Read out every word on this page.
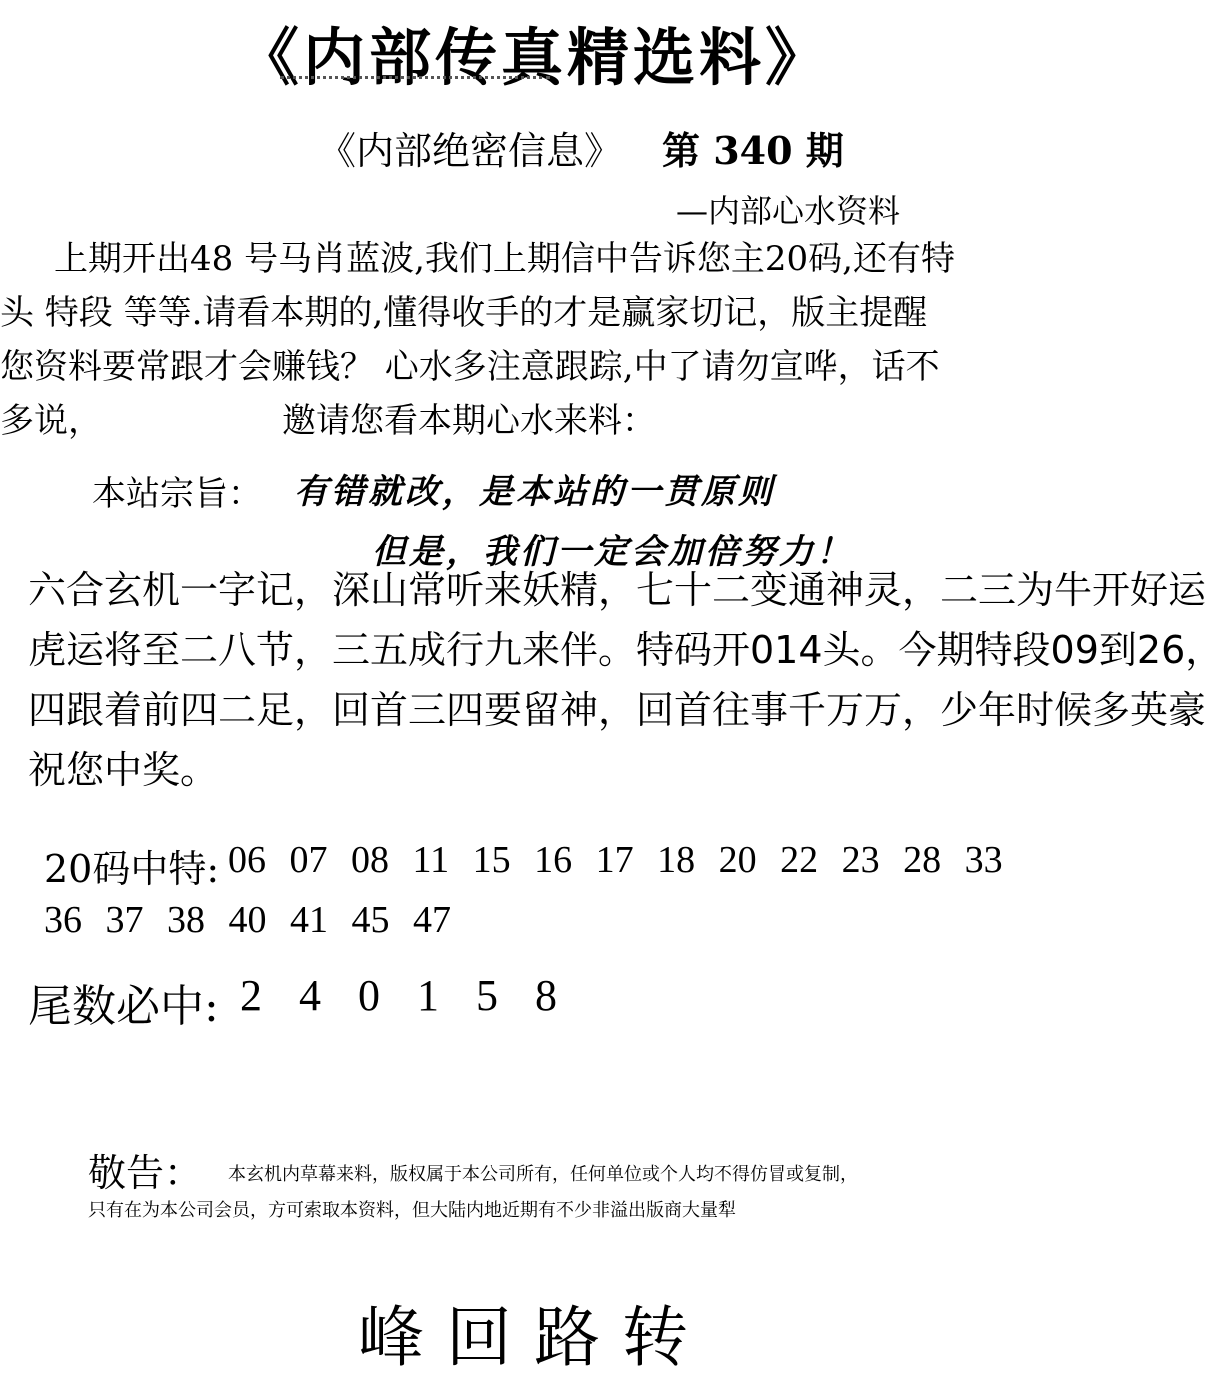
《内部传真精选料》
《内部绝密信息》 第 340 期
—内部心水资料
上期开出48 号马肖蓝波,我们上期信中告诉您主20码,还有特
头 特段 等等.请看本期的,懂得收手的才是赢家切记，版主提醒
您资料要常跟才会赚钱？ 心水多注意跟踪,中了请勿宣哗，话不
多说，	邀请您看本期心水来料：
本站宗旨： 有错就改，是本站的一贯原则
但是，我们一定会加倍努力！
六合玄机一字记，深山常听来妖精，七十二变通神灵，二三为牛开好运
虎运将至二八节，三五成行九来伴。特码开014头。今期特段09到26，
四跟着前四二足，回首三四要留神，回首往事千万万，少年时候多英豪
祝您中奖。
20码中特: 06 07 08 11 15 16 17 18 20 22 23 28 33
36 37 38 40 41 45 47
尾数必中: 2 4 0 1 5 8
敬告： 本玄机内草幕来料，版权属于本公司所有，任何单位或个人均不得仿冒或复制，
只有在为本公司会员，方可索取本资料，但大陆内地近期有不少非溢出版商大量犁
峰回路转
